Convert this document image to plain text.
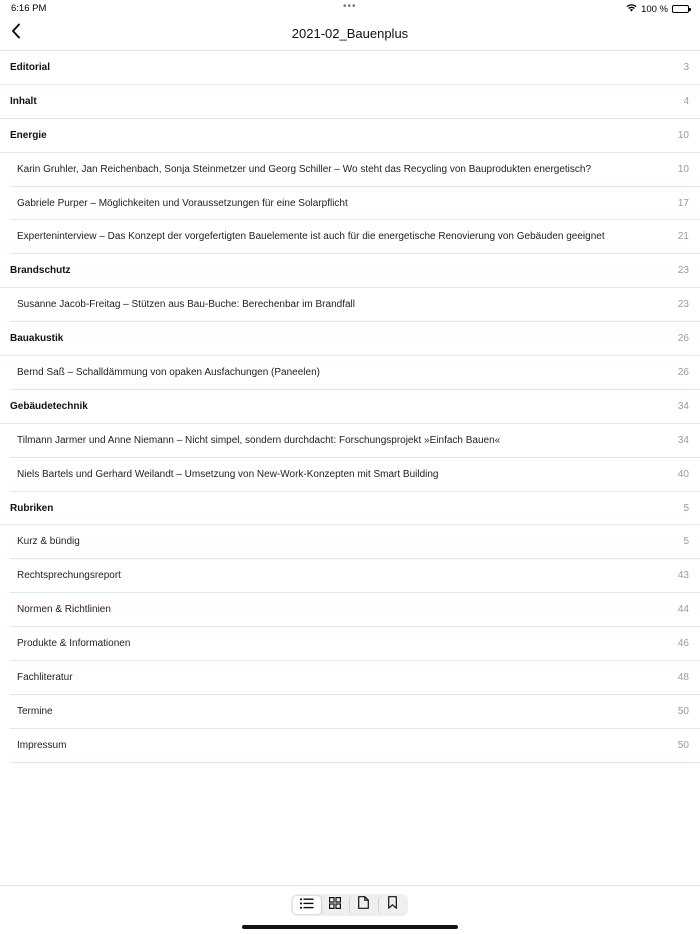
6:16 PM	•••	100 %
2021-02_Bauenplus
Editorial	3
Inhalt	4
Energie	10
Karin Gruhler, Jan Reichenbach, Sonja Steinmetzer und Georg Schiller – Wo steht das Recycling von Bauprodukten energetisch?	10
Gabriele Purper – Möglichkeiten und Voraussetzungen für eine Solarpflicht	17
Experteninterview – Das Konzept der vorgefertigten Bauelemente ist auch für die energetische Renovierung von Gebäuden geeignet	21
Brandschutz	23
Susanne Jacob-Freitag – Stützen aus Bau-Buche: Berechenbar im Brandfall	23
Bauakustik	26
Bernd Saß – Schalldämmung von opaken Ausfachungen (Paneelen)	26
Gebäudetechnik	34
Tilmann Jarmer und Anne Niemann – Nicht simpel, sondern durchdacht: Forschungsprojekt »Einfach Bauen«	34
Niels Bartels und Gerhard Weilandt – Umsetzung von New-Work-Konzepten mit Smart Building	40
Rubriken	5
Kurz & bündig	5
Rechtsprechungsreport	43
Normen & Richtlinien	44
Produkte & Informationen	46
Fachliteratur	48
Termine	50
Impressum	50
